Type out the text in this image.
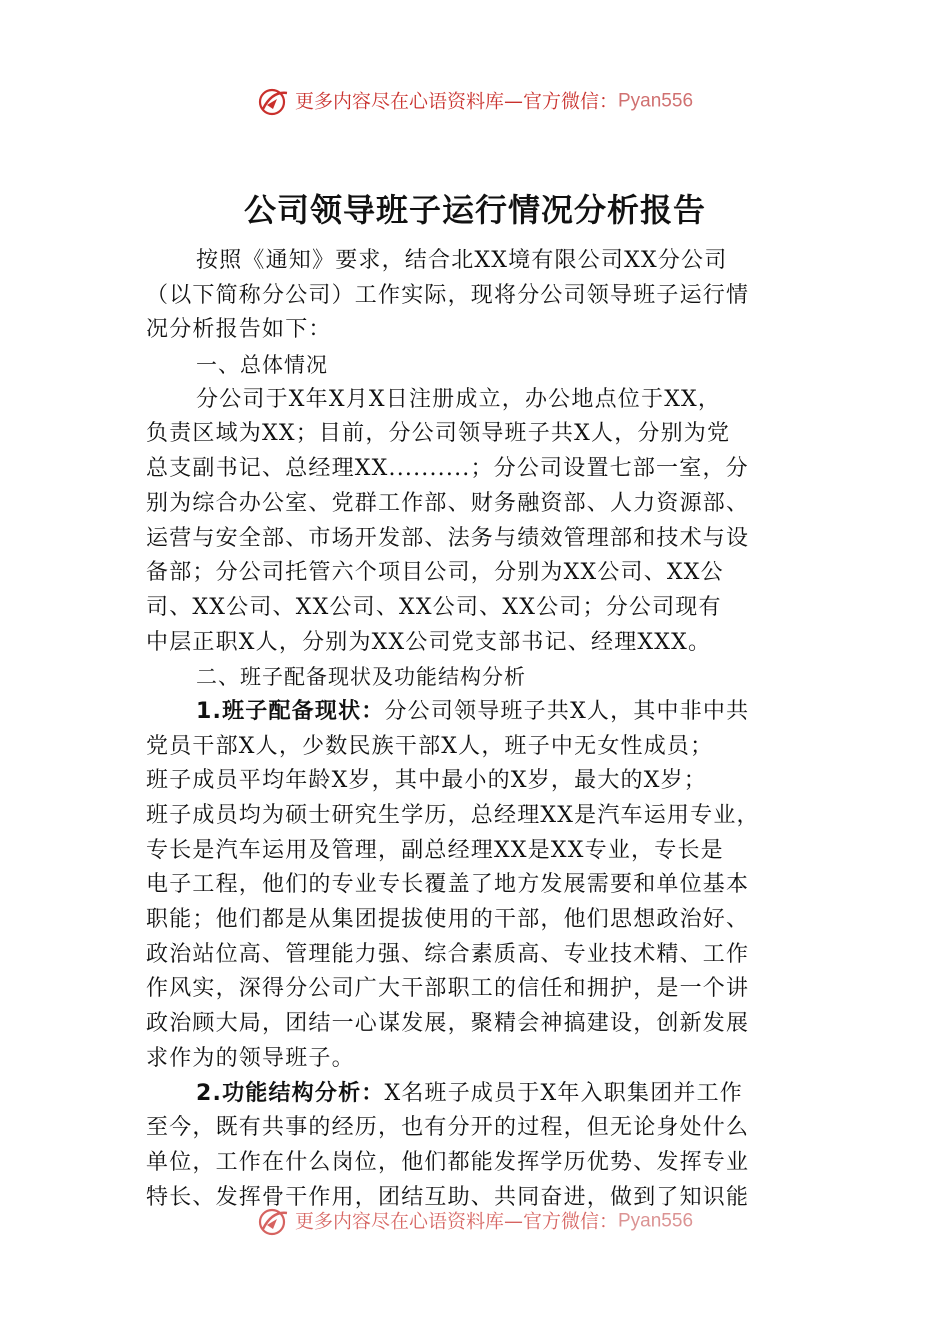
更多内容尽在心语资料库—官方微信：Pyan556
公司领导班子运行情况分析报告
按照《通知》要求，结合北XX境有限公司XX分公司
（以下简称分公司）工作实际，现将分公司领导班子运行情
况分析报告如下：
一、总体情况
分公司于X年X月X日注册成立，办公地点位于XX，
负责区域为XX；目前，分公司领导班子共X人，分别为党
总支副书记、总经理XX..........；分公司设置七部一室，分
别为综合办公室、党群工作部、财务融资部、人力资源部、
运营与安全部、市场开发部、法务与绩效管理部和技术与设
备部；分公司托管六个项目公司，分别为XX公司、XX公
司、XX公司、XX公司、XX公司、XX公司；分公司现有
中层正职X人，分别为XX公司党支部书记、经理XXX。
二、班子配备现状及功能结构分析
1.班子配备现状：分公司领导班子共X人，其中非中共
党员干部X人，少数民族干部X人，班子中无女性成员；
班子成员平均年龄X岁，其中最小的X岁，最大的X岁；
班子成员均为硕士研究生学历，总经理XX是汽车运用专业，
专长是汽车运用及管理，副总经理XX是XX专业，专长是
电子工程，他们的专业专长覆盖了地方发展需要和单位基本
职能；他们都是从集团提拔使用的干部，他们思想政治好、
政治站位高、管理能力强、综合素质高、专业技术精、工作
作风实，深得分公司广大干部职工的信任和拥护，是一个讲
政治顾大局，团结一心谋发展，聚精会神搞建设，创新发展
求作为的领导班子。
2.功能结构分析：X名班子成员于X年入职集团并工作
至今，既有共事的经历，也有分开的过程，但无论身处什么
单位，工作在什么岗位，他们都能发挥学历优势、发挥专业
特长、发挥骨干作用，团结互助、共同奋进，做到了知识能
更多内容尽在心语资料库—官方微信：Pyan556
